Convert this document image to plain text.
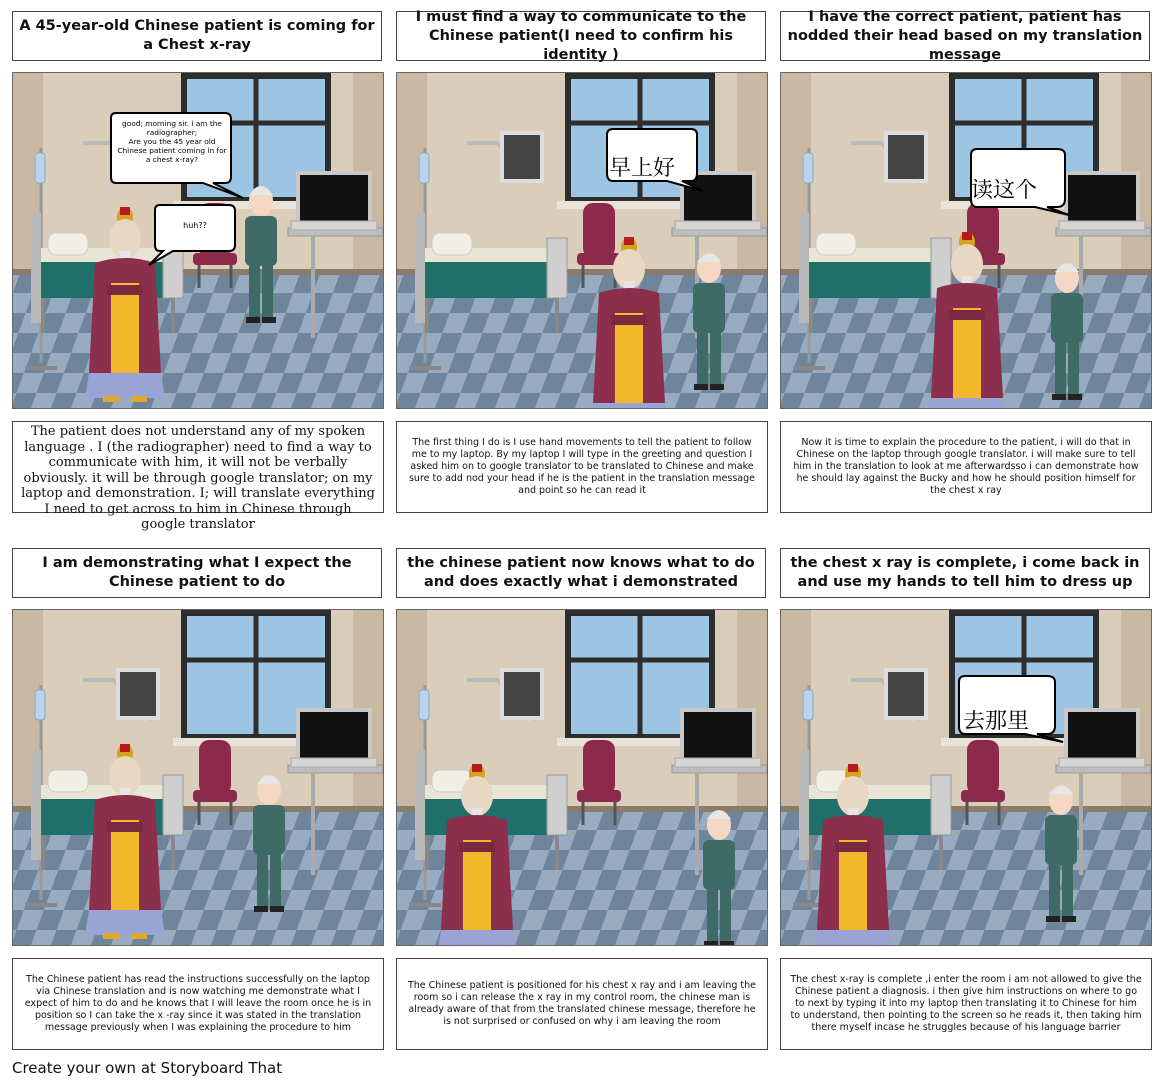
A 45-year-old Chinese patient is coming for a Chest x-ray
good; morning sir. i am the radiographer;
Are you the 45 year old Chinese patient coming in for a chest x-ray?
huh??
The patient does not understand any of my spoken language . I (the radiographer) need to find a way to communicate with him, it will not be verbally obviously. it will be through google translator; on my laptop and demonstration. I; will translate everything I need to get across to him in Chinese through google translator
I must find a way to communicate to the Chinese patient(I need to confirm his identity )
早上好
The first thing I do is I use hand movements to tell the patient to follow me to my laptop. By my laptop I will type in the greeting and question I asked him on to google translator to be translated to Chinese and make sure to add nod your head if he is the patient in the translation message and point so he can read it
I have the correct patient, patient has nodded their head based on my translation message
读这个
Now it is time to explain the procedure to the patient, i will do that in Chinese on the laptop through google translator. i will make sure to tell him in the translation to look at me afterwardsso i can demonstrate how he should lay against the Bucky and how he should position himself for the chest x ray
I am demonstrating what I expect the Chinese patient to do
The Chinese patient has read the instructions successfully on the laptop via Chinese translation and is now watching me demonstrate what I expect of him to do and he knows that I will leave the room once he is in position so I can take the x -ray since it was stated in the translation message previously when I was explaining the procedure to him
the chinese patient now knows what to do and does exactly what i demonstrated
The Chinese patient is positioned for his chest x ray and i am leaving the room so i can release the x ray in my control room, the chinese man is already aware of that from the translated chinese message, therefore he is not surprised or confused on why i am leaving the room
the chest x ray is complete, i come back in and use my hands to tell him to dress up
去那里
The chest x-ray is complete ,i enter the room i am not allowed to give the Chinese patient a diagnosis. i then give him instructions on where to go to next by typing it into my laptop then translating it to Chinese for him to understand, then pointing to the screen so he reads it, then taking him there myself incase he struggles because of his language barrier
Create your own at Storyboard That
